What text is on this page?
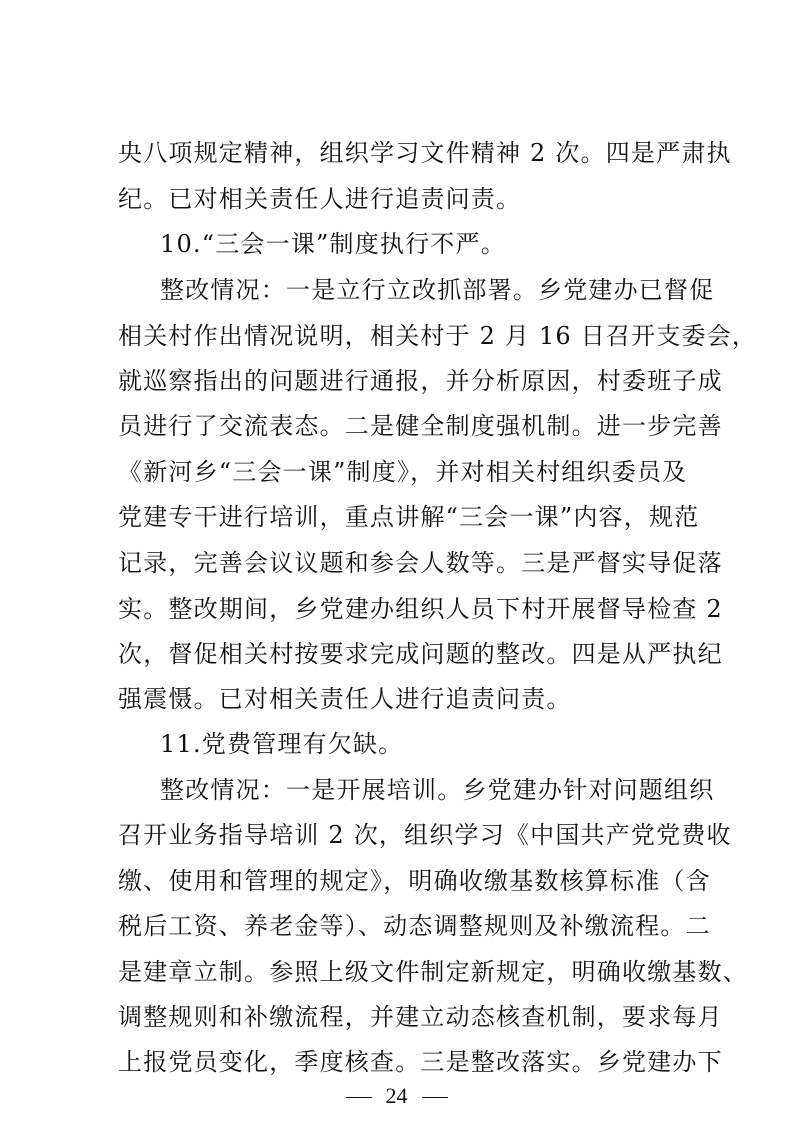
央八项规定精神，组织学习文件精神 2 次。四是严肃执
纪。已对相关责任人进行追责问责。
10.“三会一课”制度执行不严。
整改情况：一是立行立改抓部署。乡党建办已督促
相关村作出情况说明，相关村于 2 月 16 日召开支委会，
就巡察指出的问题进行通报，并分析原因，村委班子成
员进行了交流表态。二是健全制度强机制。进一步完善
《新河乡“三会一课”制度》，并对相关村组织委员及
党建专干进行培训，重点讲解“三会一课”内容，规范
记录，完善会议议题和参会人数等。三是严督实导促落
实。整改期间，乡党建办组织人员下村开展督导检查 2
次，督促相关村按要求完成问题的整改。四是从严执纪
强震慑。已对相关责任人进行追责问责。
11.党费管理有欠缺。
整改情况：一是开展培训。乡党建办针对问题组织
召开业务指导培训 2 次，组织学习《中国共产党党费收
缴、使用和管理的规定》，明确收缴基数核算标准（含
税后工资、养老金等）、动态调整规则及补缴流程。二
是建章立制。参照上级文件制定新规定，明确收缴基数、
调整规则和补缴流程，并建立动态核查机制，要求每月
上报党员变化，季度核查。三是整改落实。乡党建办下
24
